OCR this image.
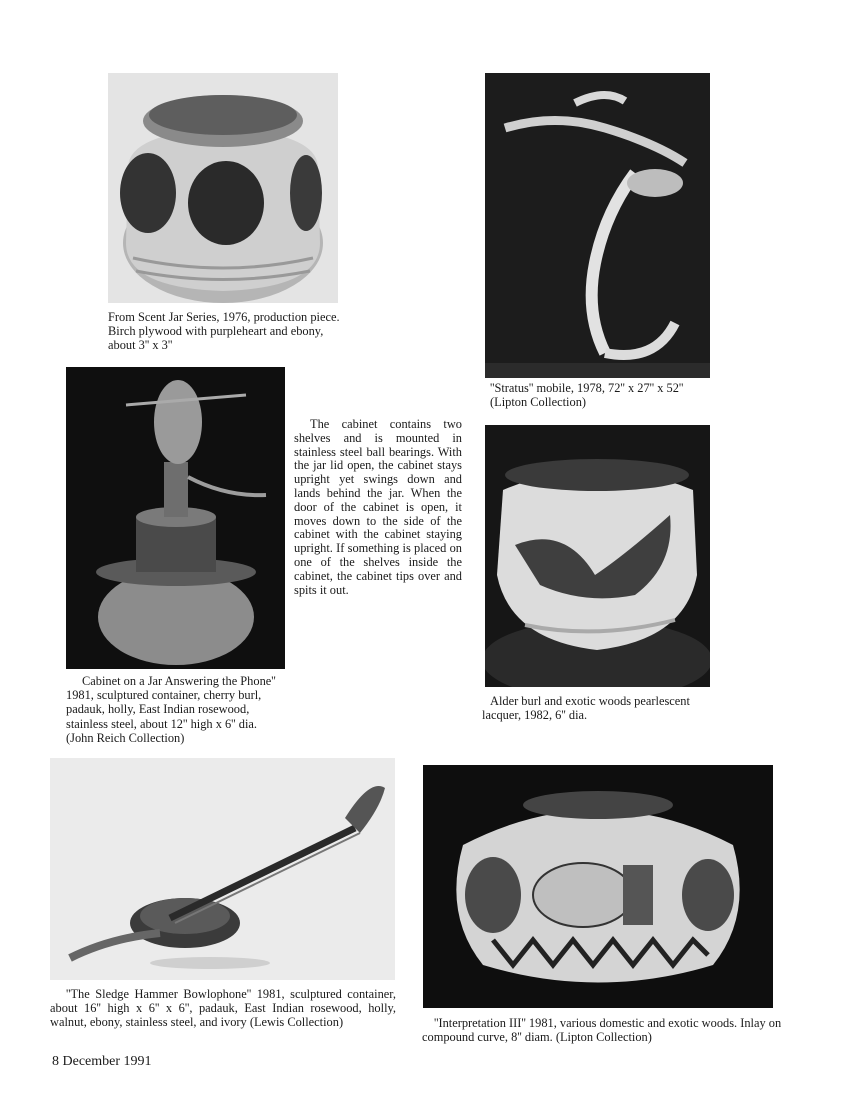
From Scent Jar Series, 1976, production piece. Birch plywood with purpleheart and ebony, about 3'' x 3''

''Stratus'' mobile, 1978, 72'' x 27'' x 52'' (Lipton Collection)

Cabinet on a Jar Answering the Phone'' 1981, sculptured container, cherry burl, padauk, holly, East Indian rosewood, stainless steel, about 12'' high x 6'' dia. (John Reich Collection)

The cabinet contains two shelves and is mounted in stainless steel ball bearings. With the jar lid open, the cabinet stays upright yet swings down and lands behind the jar. When the door of the cabinet is open, it moves down to the side of the cabinet with the cabinet staying upright. If something is placed on one of the shelves inside the cabinet, the cabinet tips over and spits it out.

Alder burl and exotic woods pearlescent lacquer, 1982, 6'' dia.

''The Sledge Hammer Bowlophone'' 1981, sculptured container, about 16'' high x 6'' x 6'', padauk, East Indian rosewood, holly, walnut, ebony, stainless steel, and ivory (Lewis Collection)	''Interpretation III'' 1981, various domestic and exotic woods. Inlay on compound curve, 8'' diam. (Lipton Collection)

8 December 1991
